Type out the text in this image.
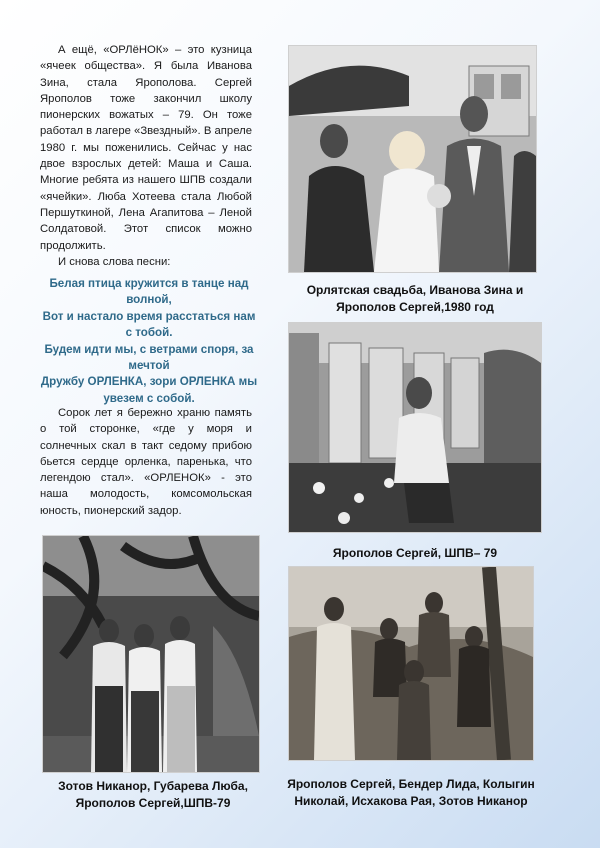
А ещё, «ОРЛёНОК» – это кузница «ячеек общества». Я была Иванова Зина, стала Ярополова. Сергей Ярополов тоже закончил школу пионерских вожатых – 79. Он тоже работал в лагере «Звездный». В апреле 1980 г. мы поженились. Сейчас у нас двое взрослых детей: Маша и Саша. Многие ребята из нашего ШПВ создали «ячейки». Люба Хотеева стала Любой Першуткиной, Лена Агапитова – Леной Солдатовой. Этот список можно продолжить.

И снова слова песни:

Белая птица кружится в танце над волной,
Вот и настало время расстаться нам с тобой.
Будем идти мы, с ветрами споря, за мечтой
Дружбу ОРЛЕНКА, зори ОРЛЕНКА мы увезем с собой.

Сорок лет я бережно храню память о той сторонке, «где у моря и солнечных скал в такт седому прибою бьется сердце орленка, паренька, что легендою стал». «ОРЛЕНОК» - это наша молодость, комсомольская юность, пионерский задор.

Орлятская свадьба, Иванова Зина и Ярополов Сергей,1980 год
Ярополов Сергей, ШПВ– 79
Зотов Никанор, Губарева Люба, Ярополов Сергей,ШПВ-79
Ярополов Сергей, Бендер Лида, Колыгин Николай, Исхакова Рая, Зотов Никанор
